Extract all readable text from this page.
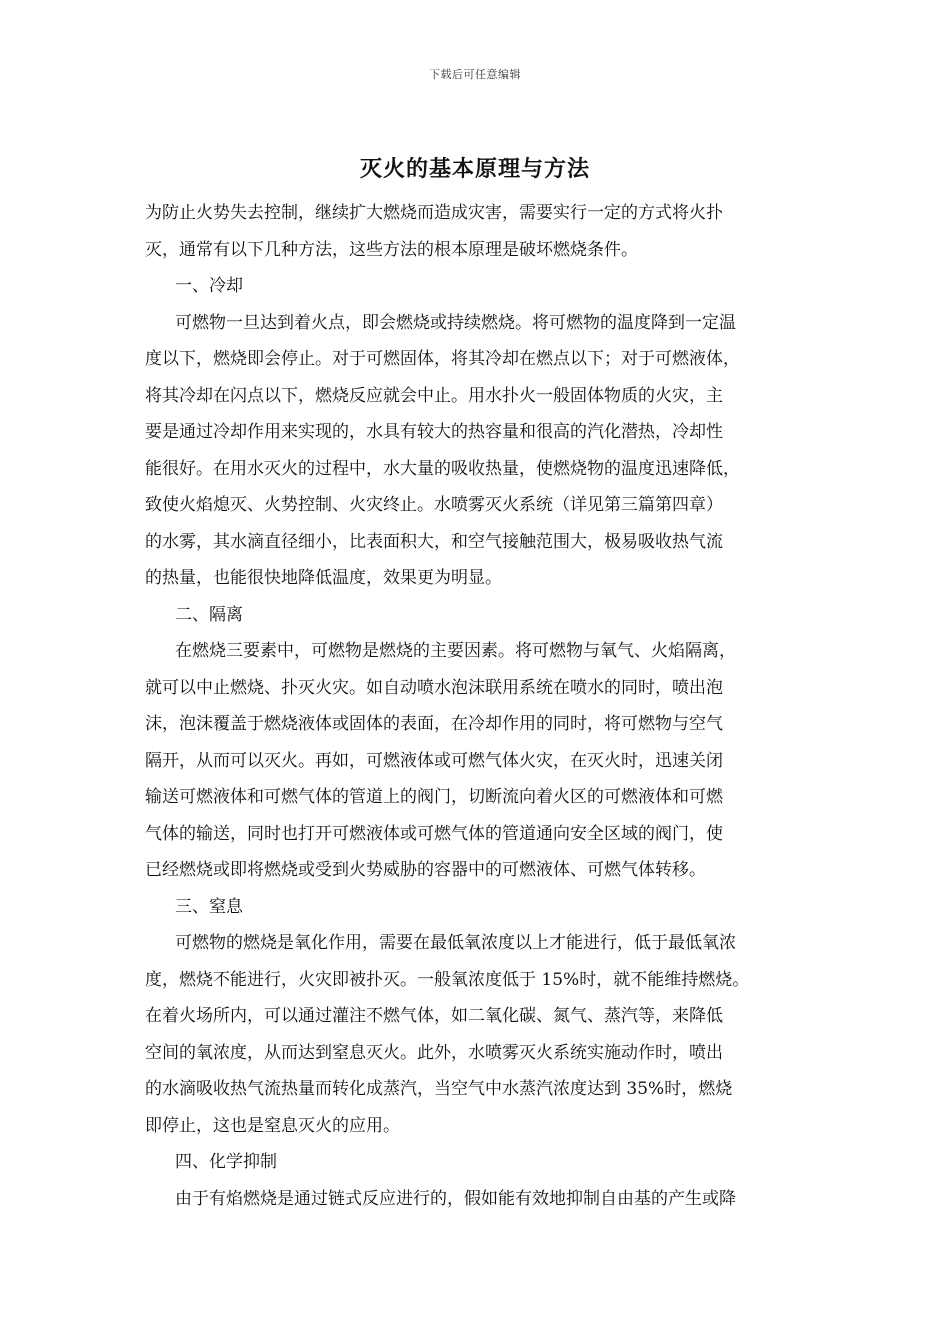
下载后可任意编辑
灭火的基本原理与方法
为防止火势失去控制，继续扩大燃烧而造成灾害，需要实行一定的方式将火扑
灭，通常有以下几种方法，这些方法的根本原理是破坏燃烧条件。
一、冷却
可燃物一旦达到着火点，即会燃烧或持续燃烧。将可燃物的温度降到一定温
度以下，燃烧即会停止。对于可燃固体，将其冷却在燃点以下；对于可燃液体，
将其冷却在闪点以下，燃烧反应就会中止。用水扑火一般固体物质的火灾，主
要是通过冷却作用来实现的，水具有较大的热容量和很高的汽化潜热，冷却性
能很好。在用水灭火的过程中，水大量的吸收热量，使燃烧物的温度迅速降低，
致使火焰熄灭、火势控制、火灾终止。水喷雾灭火系统（详见第三篇第四章）
的水雾，其水滴直径细小，比表面积大，和空气接触范围大，极易吸收热气流
的热量，也能很快地降低温度，效果更为明显。
二、隔离
在燃烧三要素中，可燃物是燃烧的主要因素。将可燃物与氧气、火焰隔离，
就可以中止燃烧、扑灭火灾。如自动喷水泡沫联用系统在喷水的同时，喷出泡
沫，泡沫覆盖于燃烧液体或固体的表面，在冷却作用的同时，将可燃物与空气
隔开，从而可以灭火。再如，可燃液体或可燃气体火灾，在灭火时，迅速关闭
输送可燃液体和可燃气体的管道上的阀门，切断流向着火区的可燃液体和可燃
气体的输送，同时也打开可燃液体或可燃气体的管道通向安全区域的阀门，使
已经燃烧或即将燃烧或受到火势威胁的容器中的可燃液体、可燃气体转移。
三、窒息
可燃物的燃烧是氧化作用，需要在最低氧浓度以上才能进行，低于最低氧浓
度，燃烧不能进行，火灾即被扑灭。一般氧浓度低于 15%时，就不能维持燃烧。
在着火场所内，可以通过灌注不燃气体，如二氧化碳、氮气、蒸汽等，来降低
空间的氧浓度，从而达到窒息灭火。此外，水喷雾灭火系统实施动作时，喷出
的水滴吸收热气流热量而转化成蒸汽，当空气中水蒸汽浓度达到 35%时，燃烧
即停止，这也是窒息灭火的应用。
四、化学抑制
由于有焰燃烧是通过链式反应进行的，假如能有效地抑制自由基的产生或降
